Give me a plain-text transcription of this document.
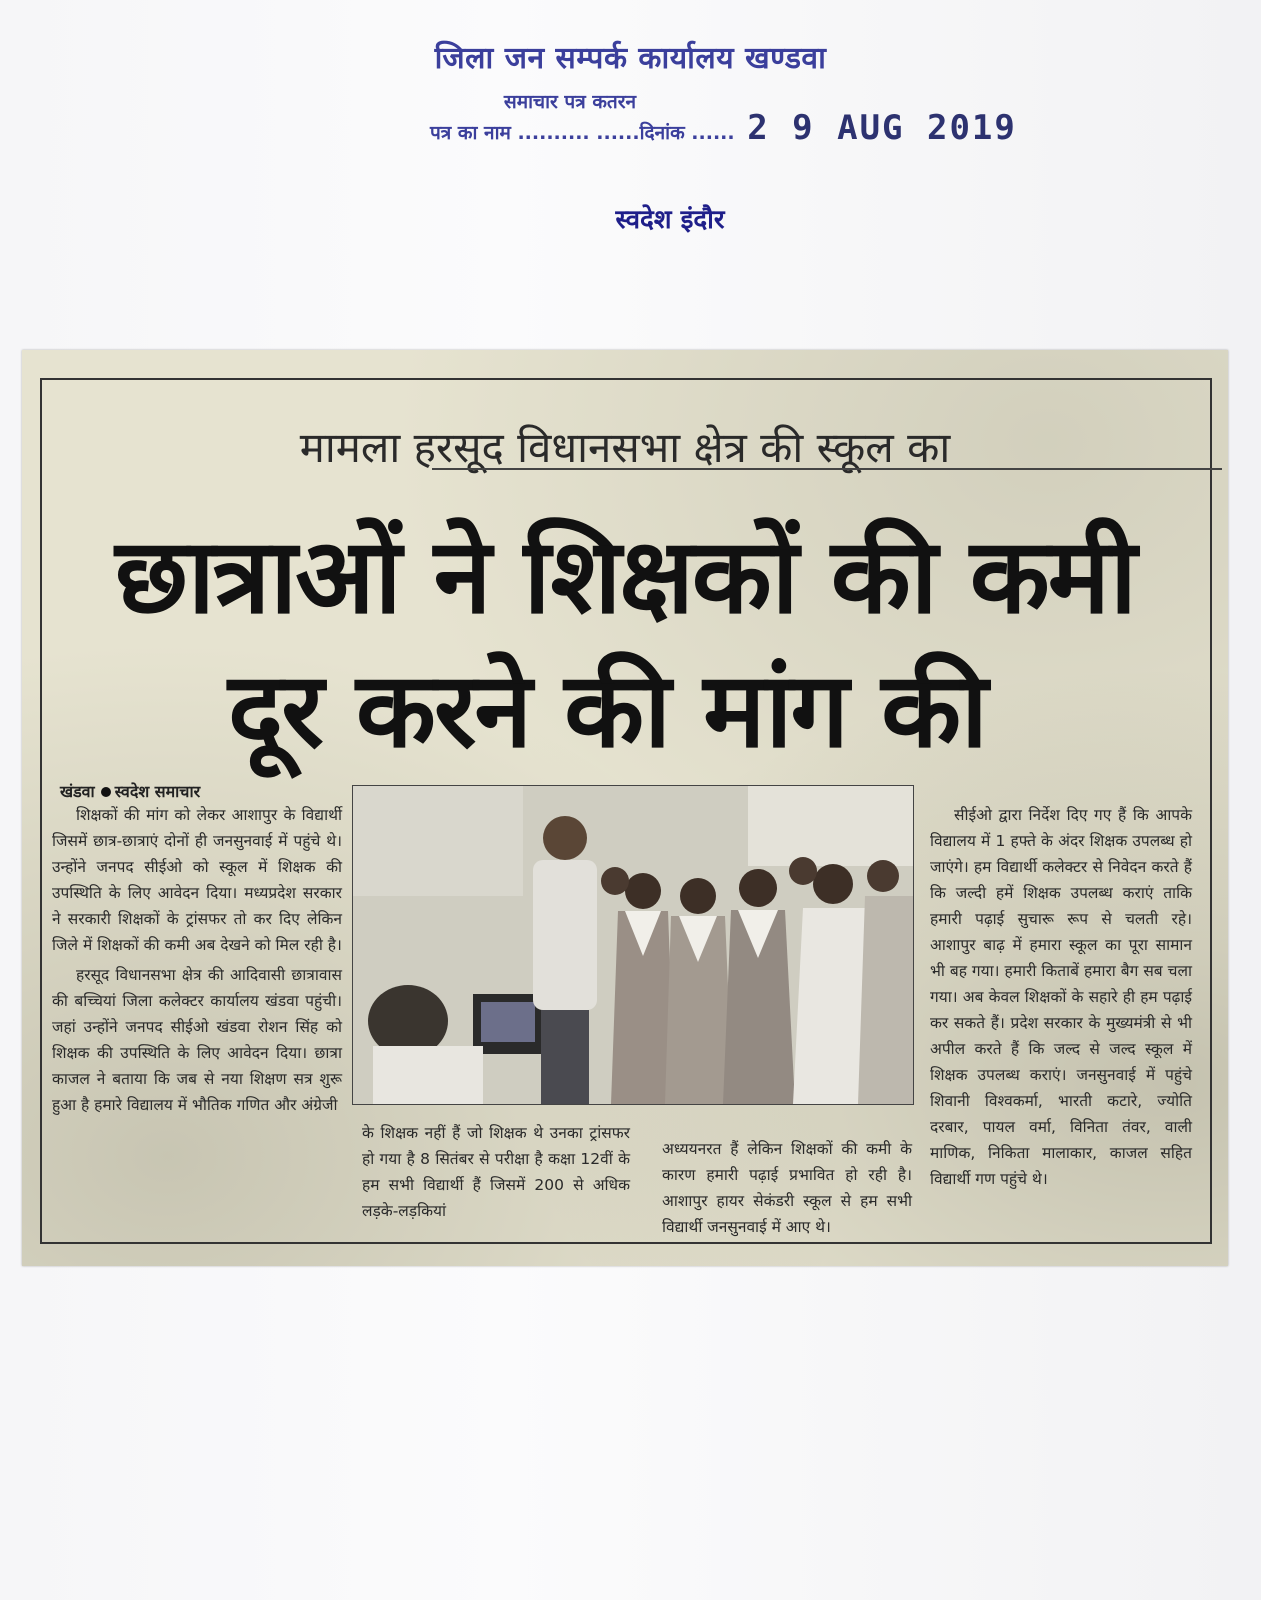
जिला जन सम्पर्क कार्यालय खण्डवा
समाचार पत्र कतरन
पत्र का नाम .......... ......दिनांक ...... 2 9 AUG 2019
स्वदेश इंदौर
मामला हरसूद विधानसभा क्षेत्र की स्कूल का
छात्राओं ने शिक्षकों की कमी
दूर करने की मांग की
खंडवा स्वदेश समाचार

शिक्षकों की मांग को लेकर आशापुर के विद्यार्थी जिसमें छात्र-छात्राएं दोनों ही जनसुनवाई में पहुंचे थे। उन्होंने जनपद सीईओ को स्कूल में शिक्षक की उपस्थिति के लिए आवेदन दिया। मध्यप्रदेश सरकार ने सरकारी शिक्षकों के ट्रांसफर तो कर दिए लेकिन जिले में शिक्षकों की कमी अब देखने को मिल रही है।

हरसूद विधानसभा क्षेत्र की आदिवासी छात्रावास की बच्चियां जिला कलेक्टर कार्यालय खंडवा पहुंची। जहां उन्होंने जनपद सीईओ खंडवा रोशन सिंह को शिक्षक की उपस्थिति के लिए आवेदन दिया। छात्रा काजल ने बताया कि जब से नया शिक्षण सत्र शुरू हुआ है हमारे विद्यालय में भौतिक गणित और अंग्रेजी

के शिक्षक नहीं हैं जो शिक्षक थे उनका ट्रांसफर हो गया है 8 सितंबर से परीक्षा है कक्षा 12वीं के हम सभी विद्यार्थी हैं जिसमें 200 से अधिक लड़के-लड़कियां

अध्ययनरत हैं लेकिन शिक्षकों की कमी के कारण हमारी पढ़ाई प्रभावित हो रही है। आशापुर हायर सेकंडरी स्कूल से हम सभी विद्यार्थी जनसुनवाई में आए थे।

सीईओ द्वारा निर्देश दिए गए हैं कि आपके विद्यालय में 1 हफ्ते के अंदर शिक्षक उपलब्ध हो जाएंगे। हम विद्यार्थी कलेक्टर से निवेदन करते हैं कि जल्दी हमें शिक्षक उपलब्ध कराएं ताकि हमारी पढ़ाई सुचारू रूप से चलती रहे। आशापुर बाढ़ में हमारा स्कूल का पूरा सामान भी बह गया। हमारी किताबें हमारा बैग सब चला गया। अब केवल शिक्षकों के सहारे ही हम पढ़ाई कर सकते हैं। प्रदेश सरकार के मुख्यमंत्री से भी अपील करते हैं कि जल्द से जल्द स्कूल में शिक्षक उपलब्ध कराएं। जनसुनवाई में पहुंचे शिवानी विश्वकर्मा, भारती कटारे, ज्योति दरबार, पायल वर्मा, विनिता तंवर, वाली माणिक, निकिता मालाकार, काजल सहित विद्यार्थी गण पहुंचे थे।
